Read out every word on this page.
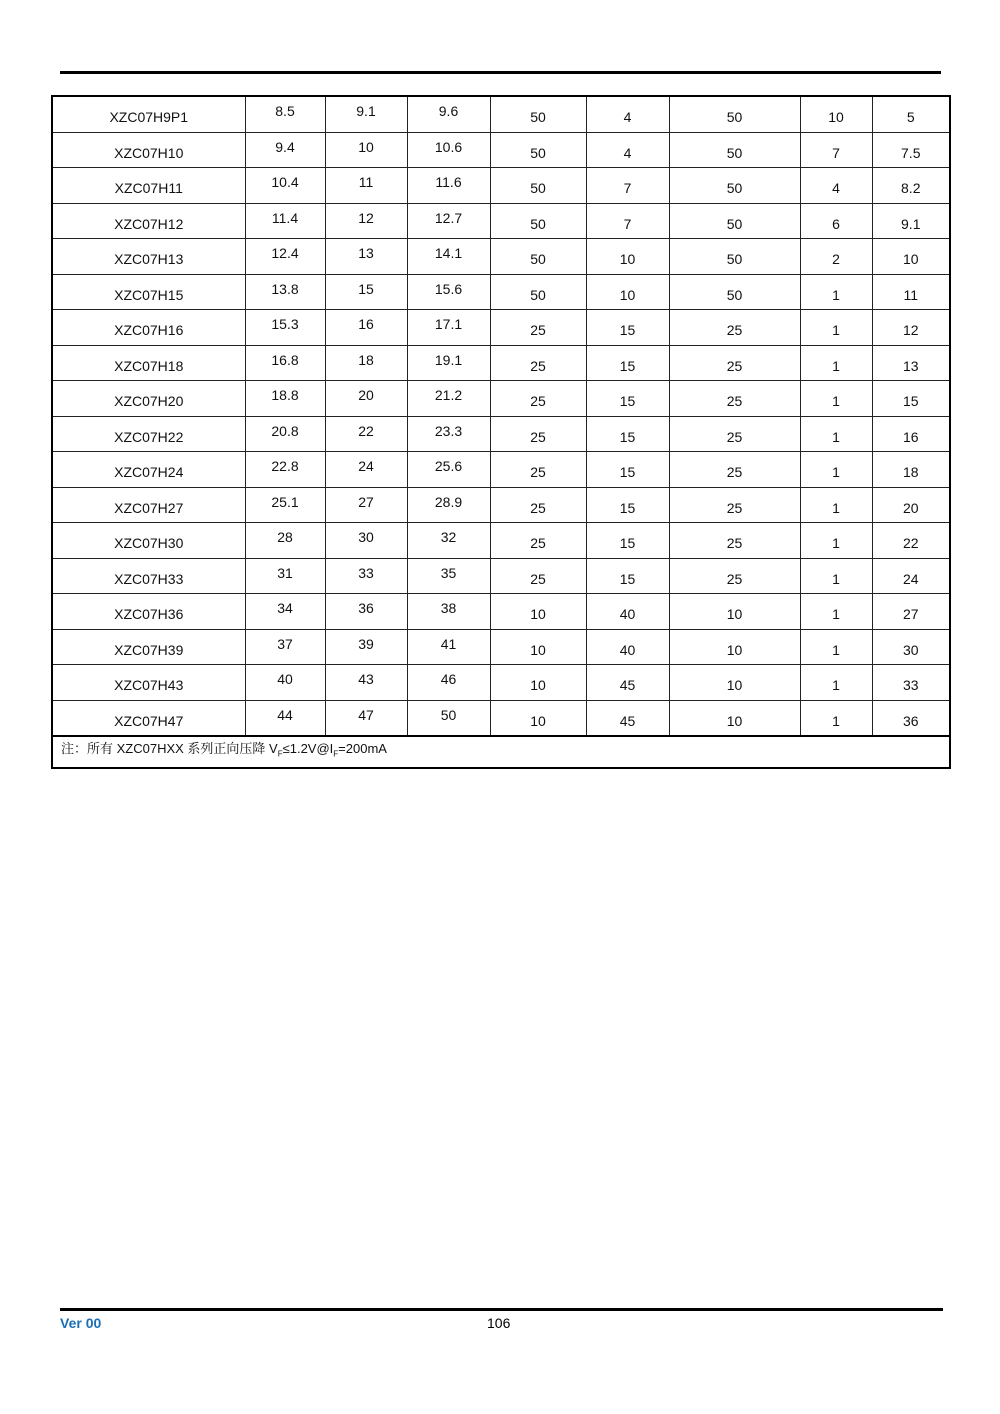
XZC07H9P1	8.5	9.1	9.6	50	4	50	10	5
XZC07H10	9.4	10	10.6	50	4	50	7	7.5
XZC07H11	10.4	11	11.6	50	7	50	4	8.2
XZC07H12	11.4	12	12.7	50	7	50	6	9.1
XZC07H13	12.4	13	14.1	50	10	50	2	10
XZC07H15	13.8	15	15.6	50	10	50	1	11
XZC07H16	15.3	16	17.1	25	15	25	1	12
XZC07H18	16.8	18	19.1	25	15	25	1	13
XZC07H20	18.8	20	21.2	25	15	25	1	15
XZC07H22	20.8	22	23.3	25	15	25	1	16
XZC07H24	22.8	24	25.6	25	15	25	1	18
XZC07H27	25.1	27	28.9	25	15	25	1	20
XZC07H30	28	30	32	25	15	25	1	22
XZC07H33	31	33	35	25	15	25	1	24
XZC07H36	34	36	38	10	40	10	1	27
XZC07H39	37	39	41	10	40	10	1	30
XZC07H43	40	43	46	10	45	10	1	33
XZC07H47	44	47	50	10	45	10	1	36
注：所有 XZC07HXX 系列正向压降 $V_F\le 1.2V@I_F=200mA$								
Ver 00	106
